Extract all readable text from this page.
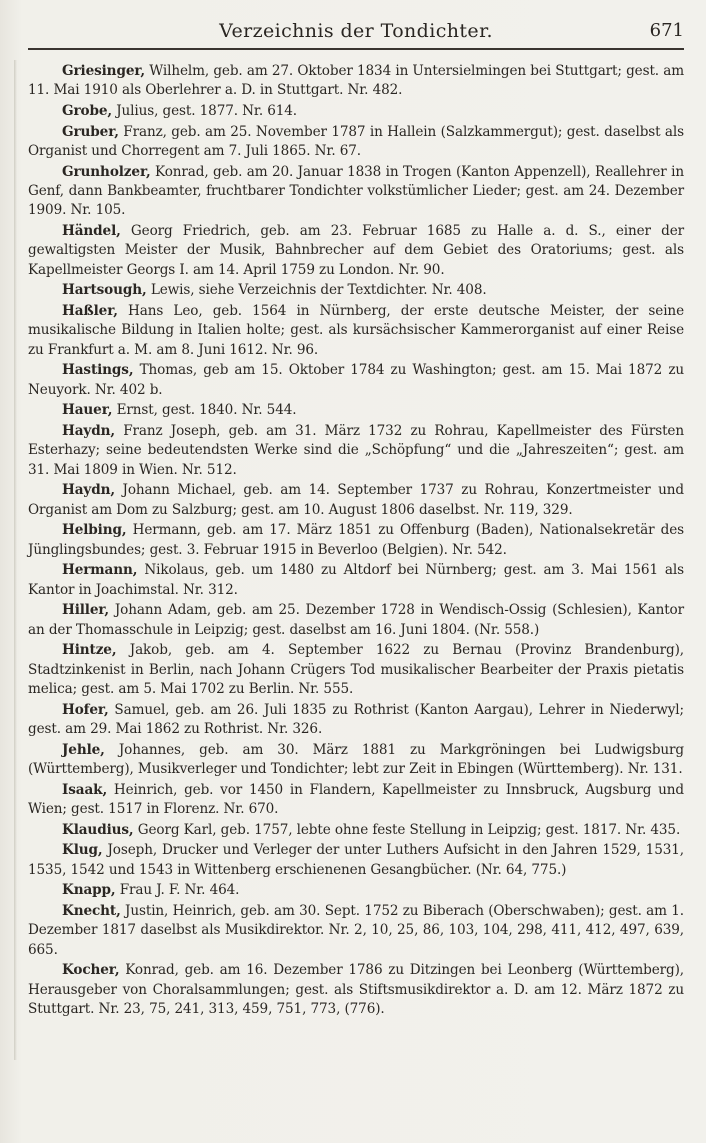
Verzeichnis der Tondichter.	671

Griesinger, Wilhelm, geb. am 27. Oktober 1834 in Untersielmingen bei Stuttgart; gest. am 11. Mai 1910 als Oberlehrer a. D. in Stuttgart. Nr. 482.

Grobe, Julius, gest. 1877. Nr. 614.

Gruber, Franz, geb. am 25. November 1787 in Hallein (Salzkammergut); gest. daselbst als Organist und Chorregent am 7. Juli 1865. Nr. 67.

Grunholzer, Konrad, geb. am 20. Januar 1838 in Trogen (Kanton Appenzell), Reallehrer in Genf, dann Bankbeamter, fruchtbarer Tondichter volkstümlicher Lieder; gest. am 24. Dezember 1909. Nr. 105.

Händel, Georg Friedrich, geb. am 23. Februar 1685 zu Halle a. d. S., einer der gewaltigsten Meister der Musik, Bahnbrecher auf dem Gebiet des Oratoriums; gest. als Kapellmeister Georgs I. am 14. April 1759 zu London. Nr. 90.

Hartsough, Lewis, siehe Verzeichnis der Textdichter. Nr. 408.

Haßler, Hans Leo, geb. 1564 in Nürnberg, der erste deutsche Meister, der seine musikalische Bildung in Italien holte; gest. als kursächsischer Kammerorganist auf einer Reise zu Frankfurt a. M. am 8. Juni 1612. Nr. 96.

Hastings, Thomas, geb am 15. Oktober 1784 zu Washington; gest. am 15. Mai 1872 zu Neuyork. Nr. 402 b.

Hauer, Ernst, gest. 1840. Nr. 544.

Haydn, Franz Joseph, geb. am 31. März 1732 zu Rohrau, Kapellmeister des Fürsten Esterhazy; seine bedeutendsten Werke sind die „Schöpfung“ und die „Jahreszeiten“; gest. am 31. Mai 1809 in Wien. Nr. 512.

Haydn, Johann Michael, geb. am 14. September 1737 zu Rohrau, Konzertmeister und Organist am Dom zu Salzburg; gest. am 10. August 1806 daselbst. Nr. 119, 329.

Helbing, Hermann, geb. am 17. März 1851 zu Offenburg (Baden), Nationalsekretär des Jünglingsbundes; gest. 3. Februar 1915 in Beverloo (Belgien). Nr. 542.

Hermann, Nikolaus, geb. um 1480 zu Altdorf bei Nürnberg; gest. am 3. Mai 1561 als Kantor in Joachimstal. Nr. 312.

Hiller, Johann Adam, geb. am 25. Dezember 1728 in Wendisch-Ossig (Schlesien), Kantor an der Thomasschule in Leipzig; gest. daselbst am 16. Juni 1804. (Nr. 558.)

Hintze, Jakob, geb. am 4. September 1622 zu Bernau (Provinz Brandenburg), Stadtzinkenist in Berlin, nach Johann Crügers Tod musikalischer Bearbeiter der Praxis pietatis melica; gest. am 5. Mai 1702 zu Berlin. Nr. 555.

Hofer, Samuel, geb. am 26. Juli 1835 zu Rothrist (Kanton Aargau), Lehrer in Niederwyl; gest. am 29. Mai 1862 zu Rothrist. Nr. 326.

Jehle, Johannes, geb. am 30. März 1881 zu Markgröningen bei Ludwigsburg (Württemberg), Musikverleger und Tondichter; lebt zur Zeit in Ebingen (Württemberg). Nr. 131.

Isaak, Heinrich, geb. vor 1450 in Flandern, Kapellmeister zu Innsbruck, Augsburg und Wien; gest. 1517 in Florenz. Nr. 670.

Klaudius, Georg Karl, geb. 1757, lebte ohne feste Stellung in Leipzig; gest. 1817. Nr. 435.

Klug, Joseph, Drucker und Verleger der unter Luthers Aufsicht in den Jahren 1529, 1531, 1535, 1542 und 1543 in Wittenberg erschienenen Gesangbücher. (Nr. 64, 775.)

Knapp, Frau J. F. Nr. 464.

Knecht, Justin, Heinrich, geb. am 30. Sept. 1752 zu Biberach (Oberschwaben); gest. am 1. Dezember 1817 daselbst als Musikdirektor. Nr. 2, 10, 25, 86, 103, 104, 298, 411, 412, 497, 639, 665.

Kocher, Konrad, geb. am 16. Dezember 1786 zu Ditzingen bei Leonberg (Württemberg), Herausgeber von Choralsammlungen; gest. als Stiftsmusikdirektor a. D. am 12. März 1872 zu Stuttgart. Nr. 23, 75, 241, 313, 459, 751, 773, (776).
